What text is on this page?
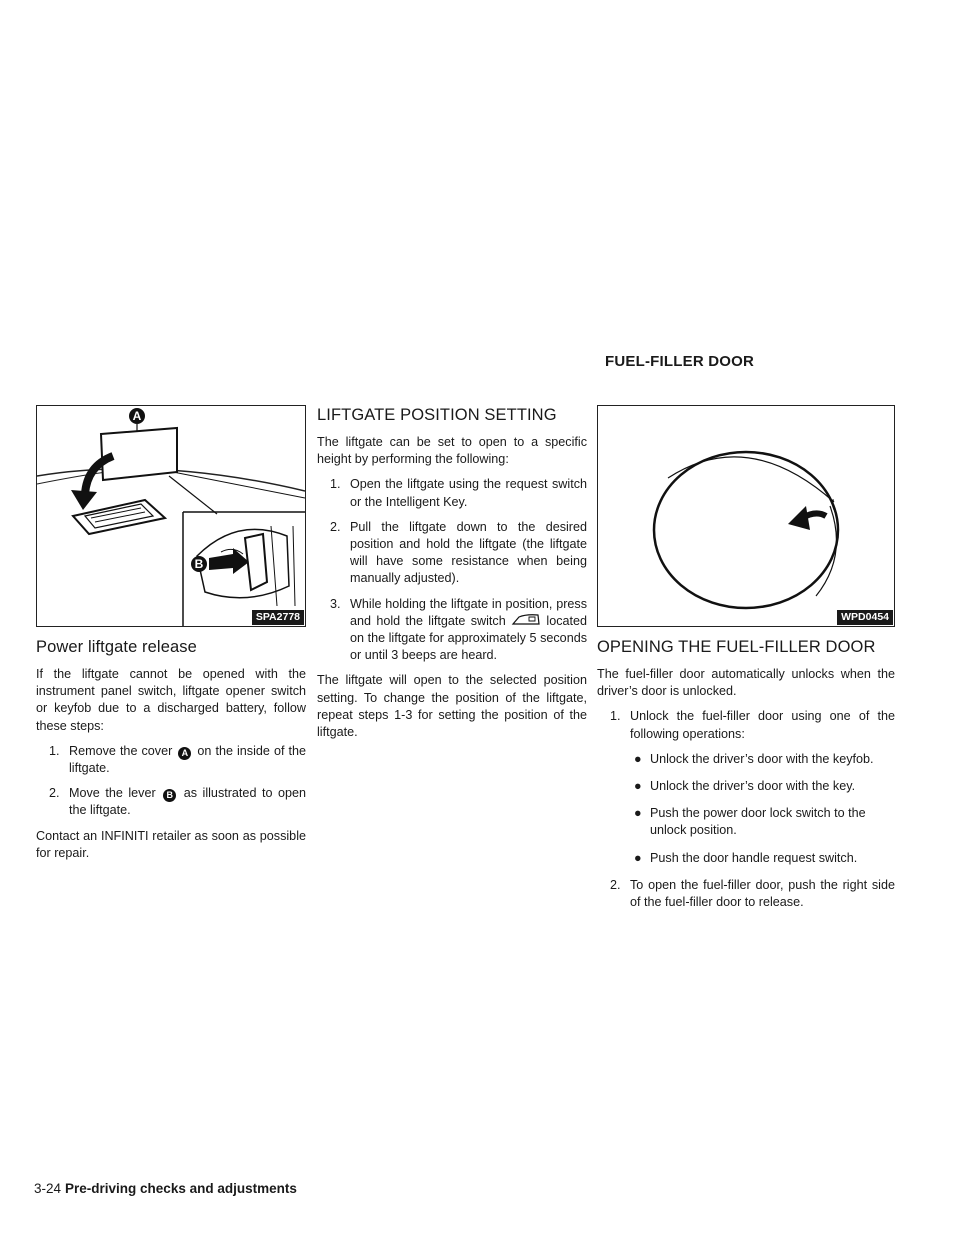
FUEL-FILLER DOOR
A
B
SPA2778
Power liftgate release

If the liftgate cannot be opened with the instrument panel switch, liftgate opener switch or keyfob due to a discharged battery, follow these steps:

1. Remove the cover A on the inside of the liftgate.
2. Move the lever B as illustrated to open the liftgate.

Contact an INFINITI retailer as soon as possible for repair.

LIFTGATE POSITION SETTING

The liftgate can be set to open to a specific height by performing the following:

1. Open the liftgate using the request switch or the Intelligent Key.
2. Pull the liftgate down to the desired position and hold the liftgate (the liftgate will have some resistance when being manually adjusted).
3. While holding the liftgate in position, press and hold the liftgate switch	located on the liftgate for approximately 5 seconds or until 3 beeps are heard.

The liftgate will open to the selected position setting. To change the position of the liftgate, repeat steps 1-3 for setting the position of the liftgate.

WPD0454
OPENING THE FUEL-FILLER DOOR

The fuel-filler door automatically unlocks when the driver’s door is unlocked.

1. Unlock the fuel-filler door using one of the following operations:
● Unlock the driver’s door with the keyfob.
● Unlock the driver’s door with the key.
● Push the power door lock switch to the unlock position.
● Push the door handle request switch.
2. To open the fuel-filler door, push the right side of the fuel-filler door to release.
3-24 Pre-driving checks and adjustments
